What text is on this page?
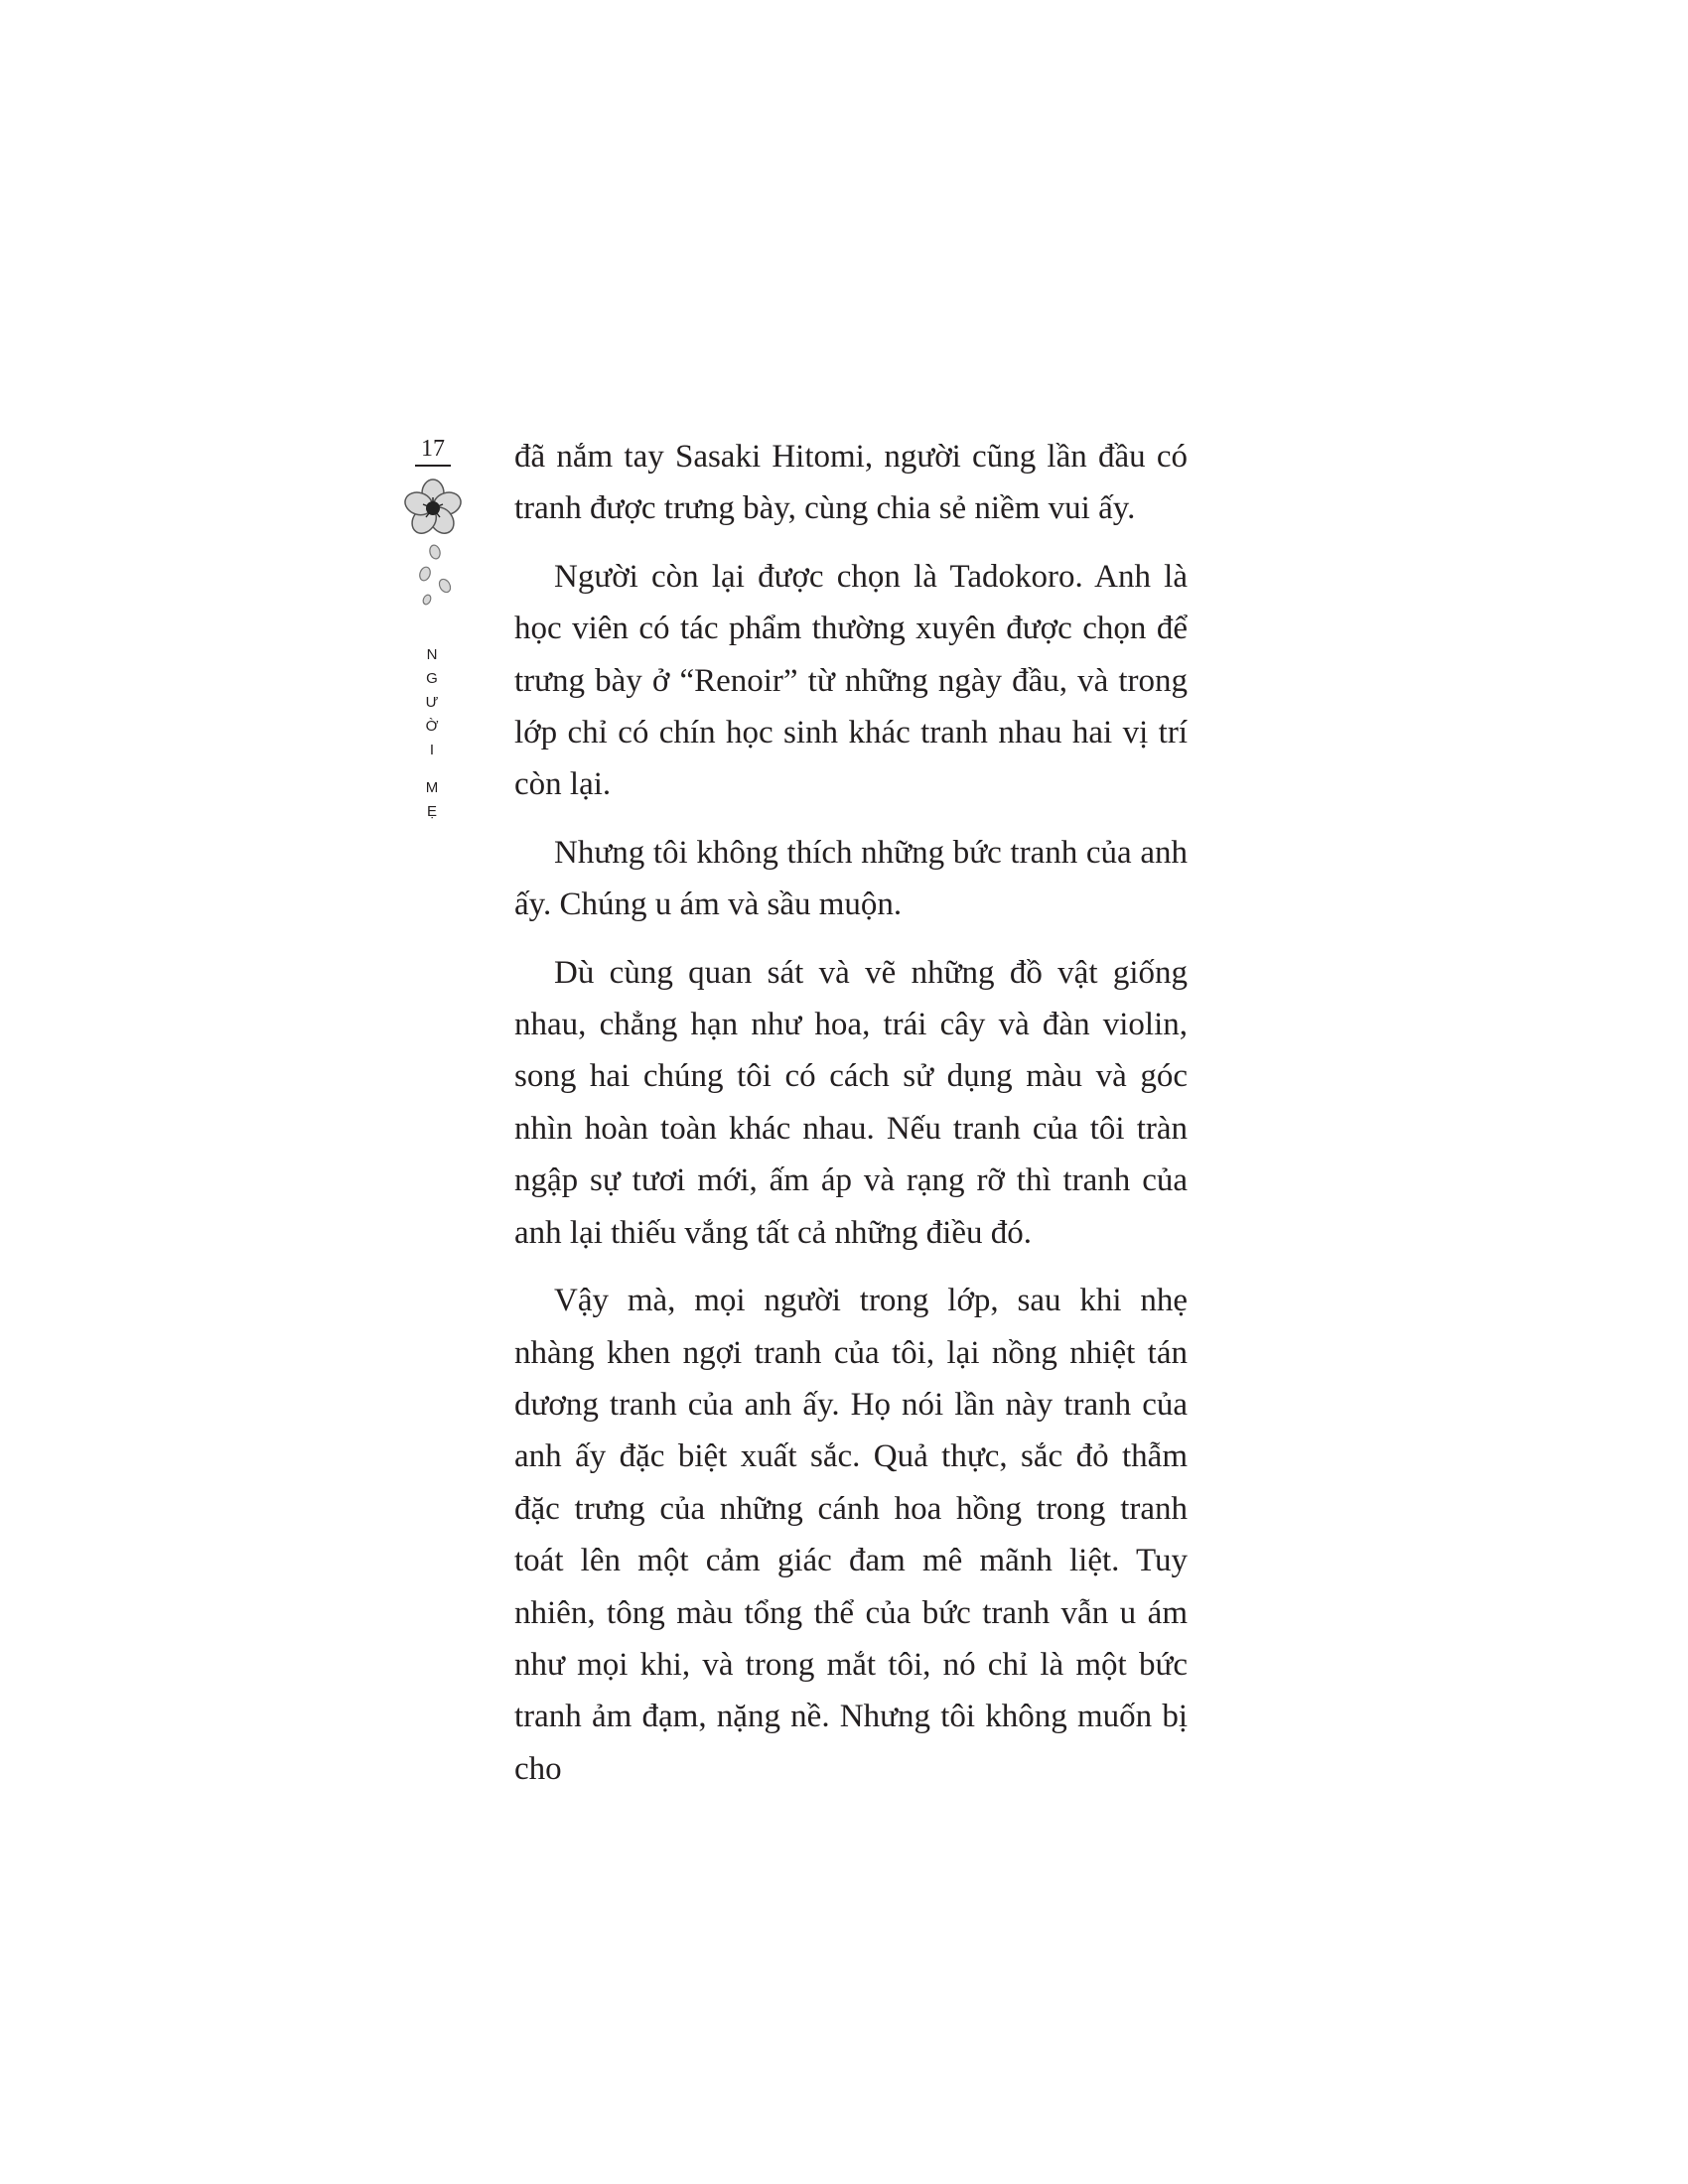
17
N
G
Ư
Ờ
I
M
Ẹ

đã nắm tay Sasaki Hitomi, người cũng lần đầu có tranh được trưng bày, cùng chia sẻ niềm vui ấy.

Người còn lại được chọn là Tadokoro. Anh là học viên có tác phẩm thường xuyên được chọn để trưng bày ở “Renoir” từ những ngày đầu, và trong lớp chỉ có chín học sinh khác tranh nhau hai vị trí còn lại.

Nhưng tôi không thích những bức tranh của anh ấy. Chúng u ám và sầu muộn.

Dù cùng quan sát và vẽ những đồ vật giống nhau, chẳng hạn như hoa, trái cây và đàn violin, song hai chúng tôi có cách sử dụng màu và góc nhìn hoàn toàn khác nhau. Nếu tranh của tôi tràn ngập sự tươi mới, ấm áp và rạng rỡ thì tranh của anh lại thiếu vắng tất cả những điều đó.

Vậy mà, mọi người trong lớp, sau khi nhẹ nhàng khen ngợi tranh của tôi, lại nồng nhiệt tán dương tranh của anh ấy. Họ nói lần này tranh của anh ấy đặc biệt xuất sắc. Quả thực, sắc đỏ thẫm đặc trưng của những cánh hoa hồng trong tranh toát lên một cảm giác đam mê mãnh liệt. Tuy nhiên, tông màu tổng thể của bức tranh vẫn u ám như mọi khi, và trong mắt tôi, nó chỉ là một bức tranh ảm đạm, nặng nề. Nhưng tôi không muốn bị cho
